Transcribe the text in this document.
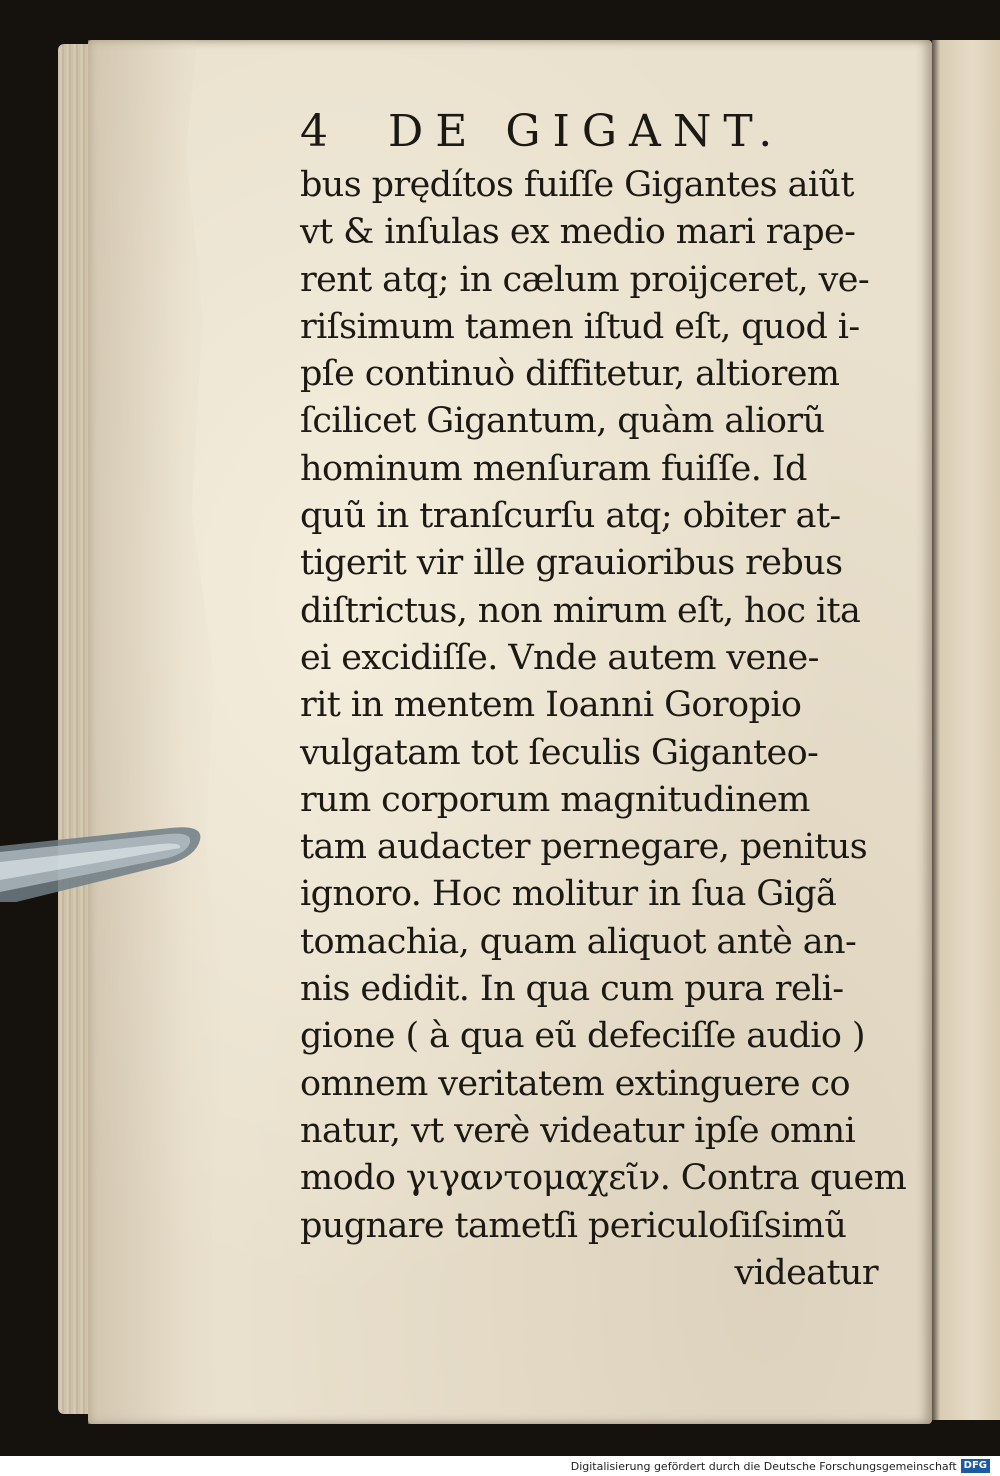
4	DE GIGANT.
bus prędítos fuiſſe Gigantes aiũt
vt & inſulas ex medio mari rape-
rent atq; in cælum proijceret, ve-
riſsimum tamen iſtud eſt, quod i-
pſe continuò diffitetur, altiorem
ſcilicet Gigantum, quàm aliorũ
hominum menſuram fuiſſe. Id
quũ in tranſcurſu atq; obiter at-
tigerit vir ille grauioribus rebus
diſtrictus, non mirum eſt, hoc ita
ei excidiſſe. Vnde autem vene-
rit in mentem Ioanni Goropio
vulgatam tot ſeculis Giganteo-
rum corporum magnitudinem
tam audacter pernegare, penitus
ignoro. Hoc molitur in ſua Gigã
tomachia, quam aliquot antè an-
nis edidit. In qua cum pura reli-
gione ( à qua eũ defeciſſe audio )
omnem veritatem extinguere co
natur, vt verè videatur ipſe omni
modo γιγαντομαχεῖν. Contra quem
pugnare tametſi periculoſiſsimũ
videatur
Digitalisierung gefördert durch die Deutsche Forschungsgemeinschaft DFG
